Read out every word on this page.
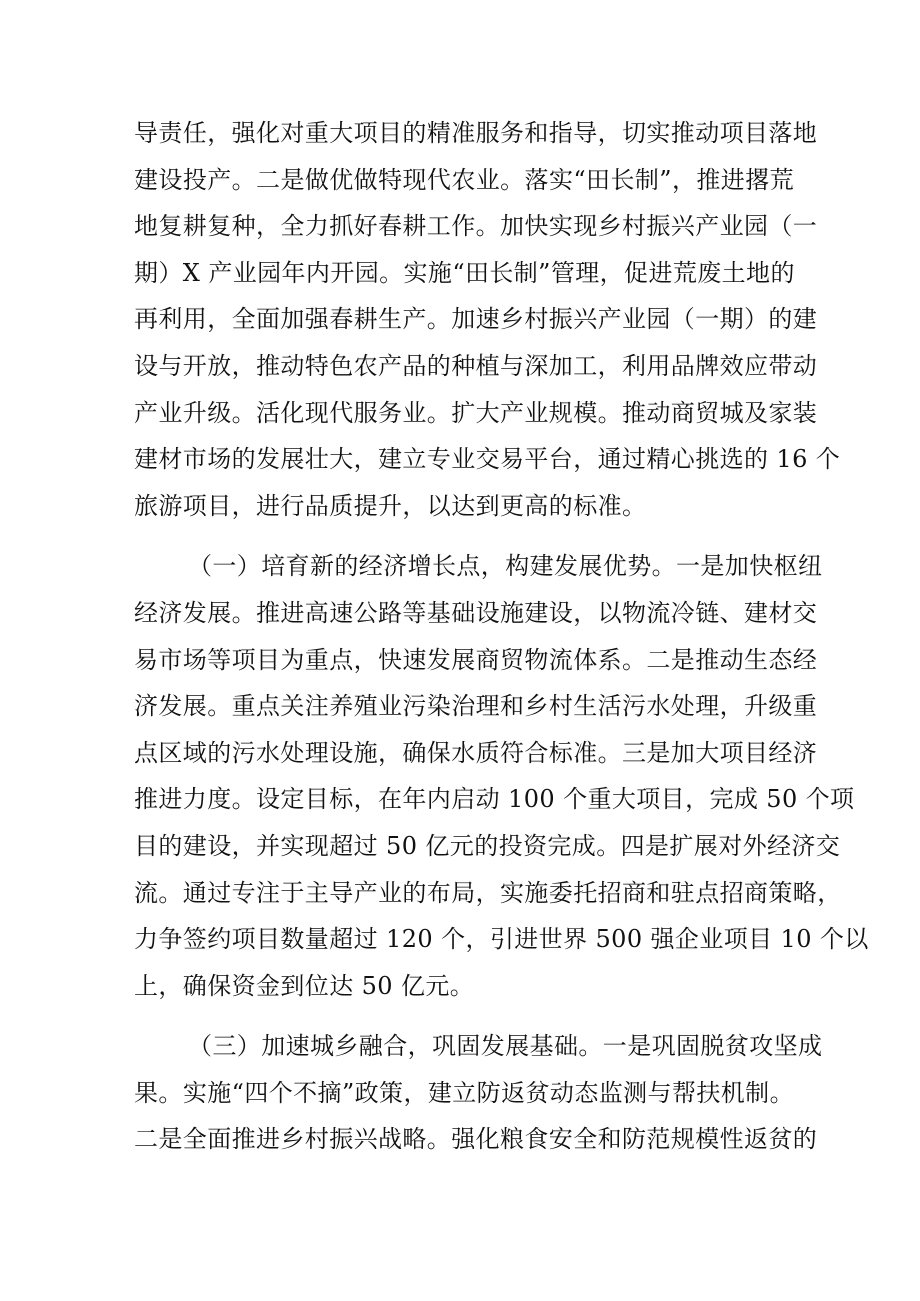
导责任，强化对重大项目的精准服务和指导，切实推动项目落地
建设投产。二是做优做特现代农业。落实“田长制”，推进撂荒
地复耕复种，全力抓好春耕工作。加快实现乡村振兴产业园（一
期）X 产业园年内开园。实施“田长制”管理，促进荒废土地的
再利用，全面加强春耕生产。加速乡村振兴产业园（一期）的建
设与开放，推动特色农产品的种植与深加工，利用品牌效应带动
产业升级。活化现代服务业。扩大产业规模。推动商贸城及家装
建材市场的发展壮大，建立专业交易平台，通过精心挑选的 16 个
旅游项目，进行品质提升，以达到更高的标准。
（一）培育新的经济增长点，构建发展优势。一是加快枢纽
经济发展。推进高速公路等基础设施建设，以物流冷链、建材交
易市场等项目为重点，快速发展商贸物流体系。二是推动生态经
济发展。重点关注养殖业污染治理和乡村生活污水处理，升级重
点区域的污水处理设施，确保水质符合标准。三是加大项目经济
推进力度。设定目标，在年内启动 100 个重大项目，完成 50 个项
目的建设，并实现超过 50 亿元的投资完成。四是扩展对外经济交
流。通过专注于主导产业的布局，实施委托招商和驻点招商策略，
力争签约项目数量超过 120 个，引进世界 500 强企业项目 10 个以
上，确保资金到位达 50 亿元。
（三）加速城乡融合，巩固发展基础。一是巩固脱贫攻坚成
果。实施“四个不摘”政策，建立防返贫动态监测与帮扶机制。
二是全面推进乡村振兴战略。强化粮食安全和防范规模性返贫的
